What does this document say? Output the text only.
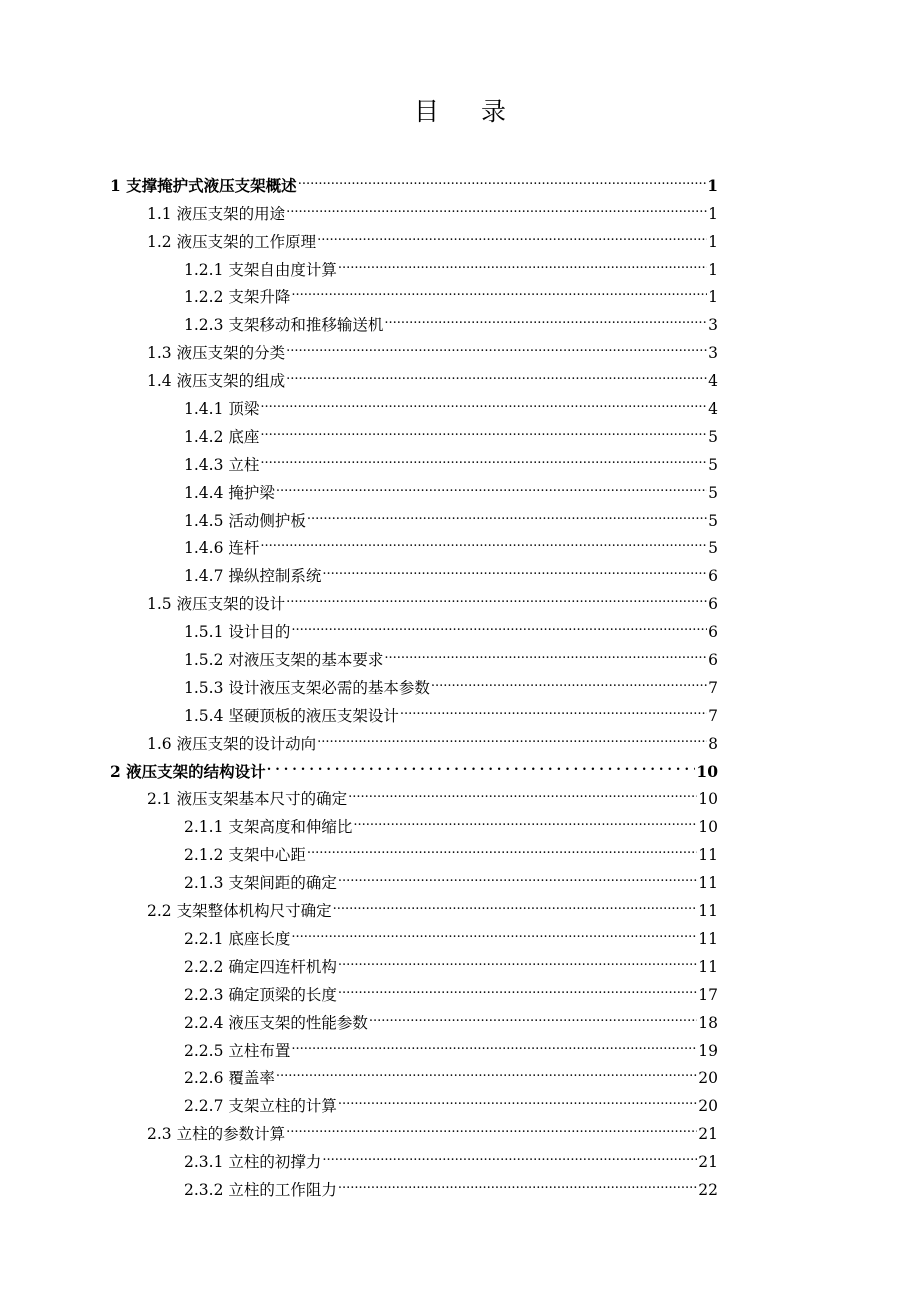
目录
1 支撑掩护式液压支架概述 .....	1
1.1 液压支架的用途 .....	1
1.2 液压支架的工作原理 .....	1
1.2.1 支架自由度计算 .....	1
1.2.2 支架升降 .....	1
1.2.3 支架移动和推移输送机 .....	3
1.3 液压支架的分类 .....	3
1.4 液压支架的组成 .....	4
1.4.1 顶梁 .....	4
1.4.2 底座 .....	5
1.4.3 立柱 .....	5
1.4.4 掩护梁 .....	5
1.4.5 活动侧护板 .....	5
1.4.6 连杆 .....	5
1.4.7 操纵控制系统 .....	6
1.5 液压支架的设计 .....	6
1.5.1 设计目的 .....	6
1.5.2 对液压支架的基本要求 .....	6
1.5.3 设计液压支架必需的基本参数 .....	7
1.5.4 坚硬顶板的液压支架设计 .....	7
1.6 液压支架的设计动向 .....	8
2 液压支架的结构设计 .....	10
2.1 液压支架基本尺寸的确定 .....	10
2.1.1 支架高度和伸缩比 .....	10
2.1.2 支架中心距 .....	11
2.1.3 支架间距的确定 .....	11
2.2 支架整体机构尺寸确定 .....	11
2.2.1 底座长度 .....	11
2.2.2 确定四连杆机构 .....	11
2.2.3 确定顶梁的长度 .....	17
2.2.4 液压支架的性能参数 .....	18
2.2.5 立柱布置 .....	19
2.2.6 覆盖率 .....	20
2.2.7 支架立柱的计算 .....	20
2.3 立柱的参数计算 .....	21
2.3.1 立柱的初撑力 .....	21
2.3.2 立柱的工作阻力 .....	22
